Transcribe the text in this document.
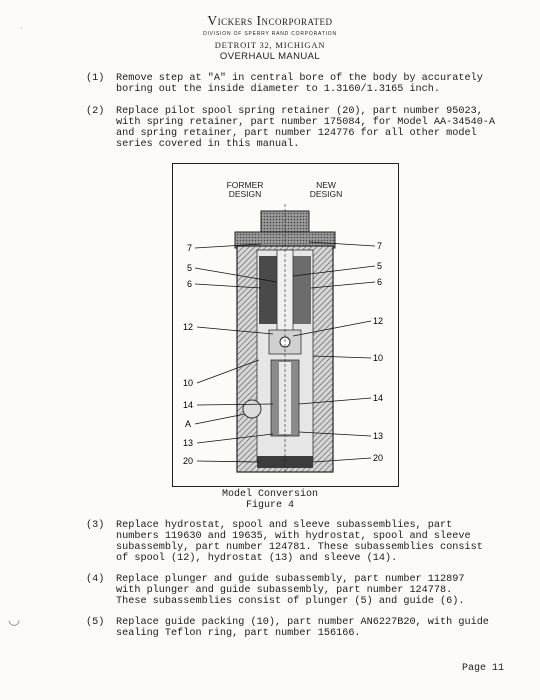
Vickers Incorporated
DIVISION OF SPERRY RAND CORPORATION
DETROIT 32, MICHIGAN
OVERHAUL MANUAL
(1) Remove step at "A" in central bore of the body by accurately
boring out the inside diameter to 1.3160/1.3165 inch.
(2) Replace pilot spool spring retainer (20), part number 95023,
with spring retainer, part number 175084, for Model AA-34540-A
and spring retainer, part number 124776 for all other model
series covered in this manual.
FORMER
DESIGN
NEW
DESIGN
7
5
6
12
10
14
A
13
20
7
5
6
12
10
14
13
20
Model Conversion
Figure 4
(3) Replace hydrostat, spool and sleeve subassemblies, part
numbers 119630 and 19635, with hydrostat, spool and sleeve
subassembly, part number 124781. These subassemblies consist
of spool (12), hydrostat (13) and sleeve (14).
(4) Replace plunger and guide subassembly, part number 112897
with plunger and guide subassembly, part number 124778.
These subassemblies consist of plunger (5) and guide (6).
(5) Replace guide packing (10), part number AN6227B20, with guide
sealing Teflon ring, part number 156166.
Page 11
·
◡
